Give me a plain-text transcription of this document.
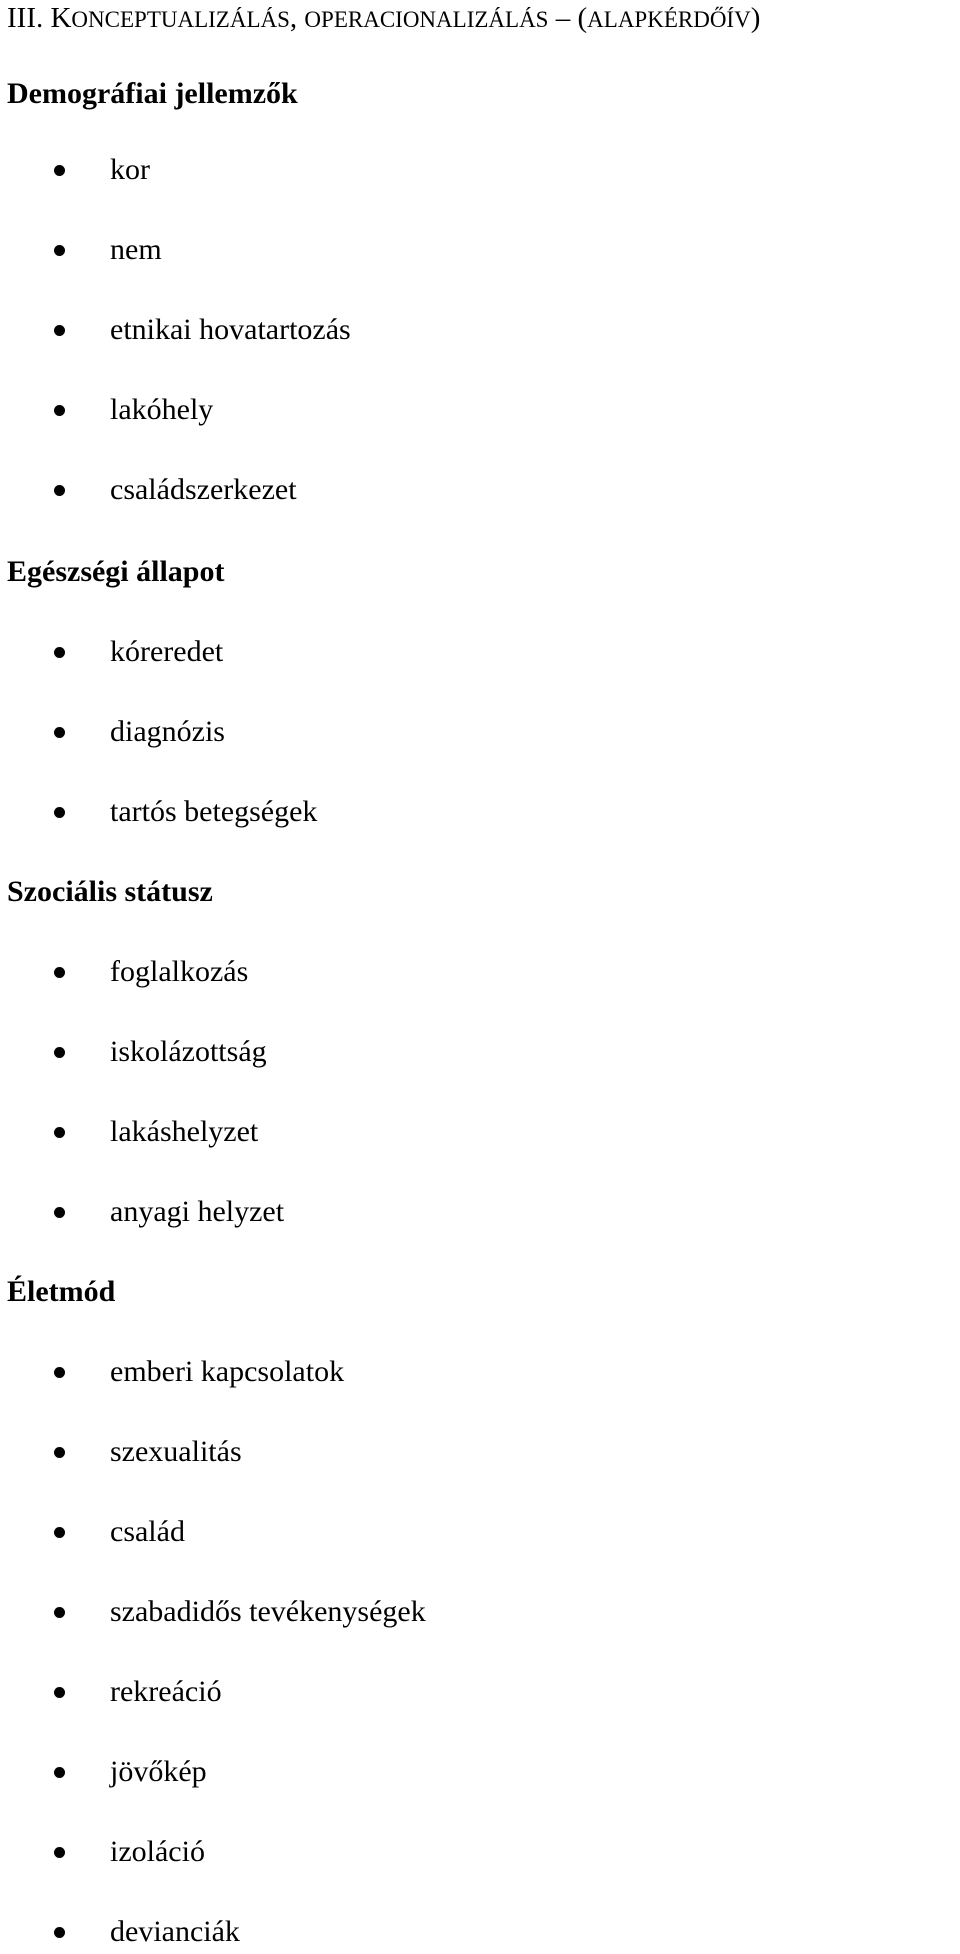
III. KONCEPTUALIZÁLÁS, OPERACIONALIZÁLÁS – (ALAPKÉRDŐÍV)
Demográfiai jellemzők
kor
nem
etnikai hovatartozás
lakóhely
családszerkezet
Egészségi állapot
kóreredet
diagnózis
tartós betegségek
Szociális státusz
foglalkozás
iskolázottság
lakáshelyzet
anyagi helyzet
Életmód
emberi kapcsolatok
szexualitás
család
szabadidős tevékenységek
rekreáció
jövőkép
izoláció
devianciák
